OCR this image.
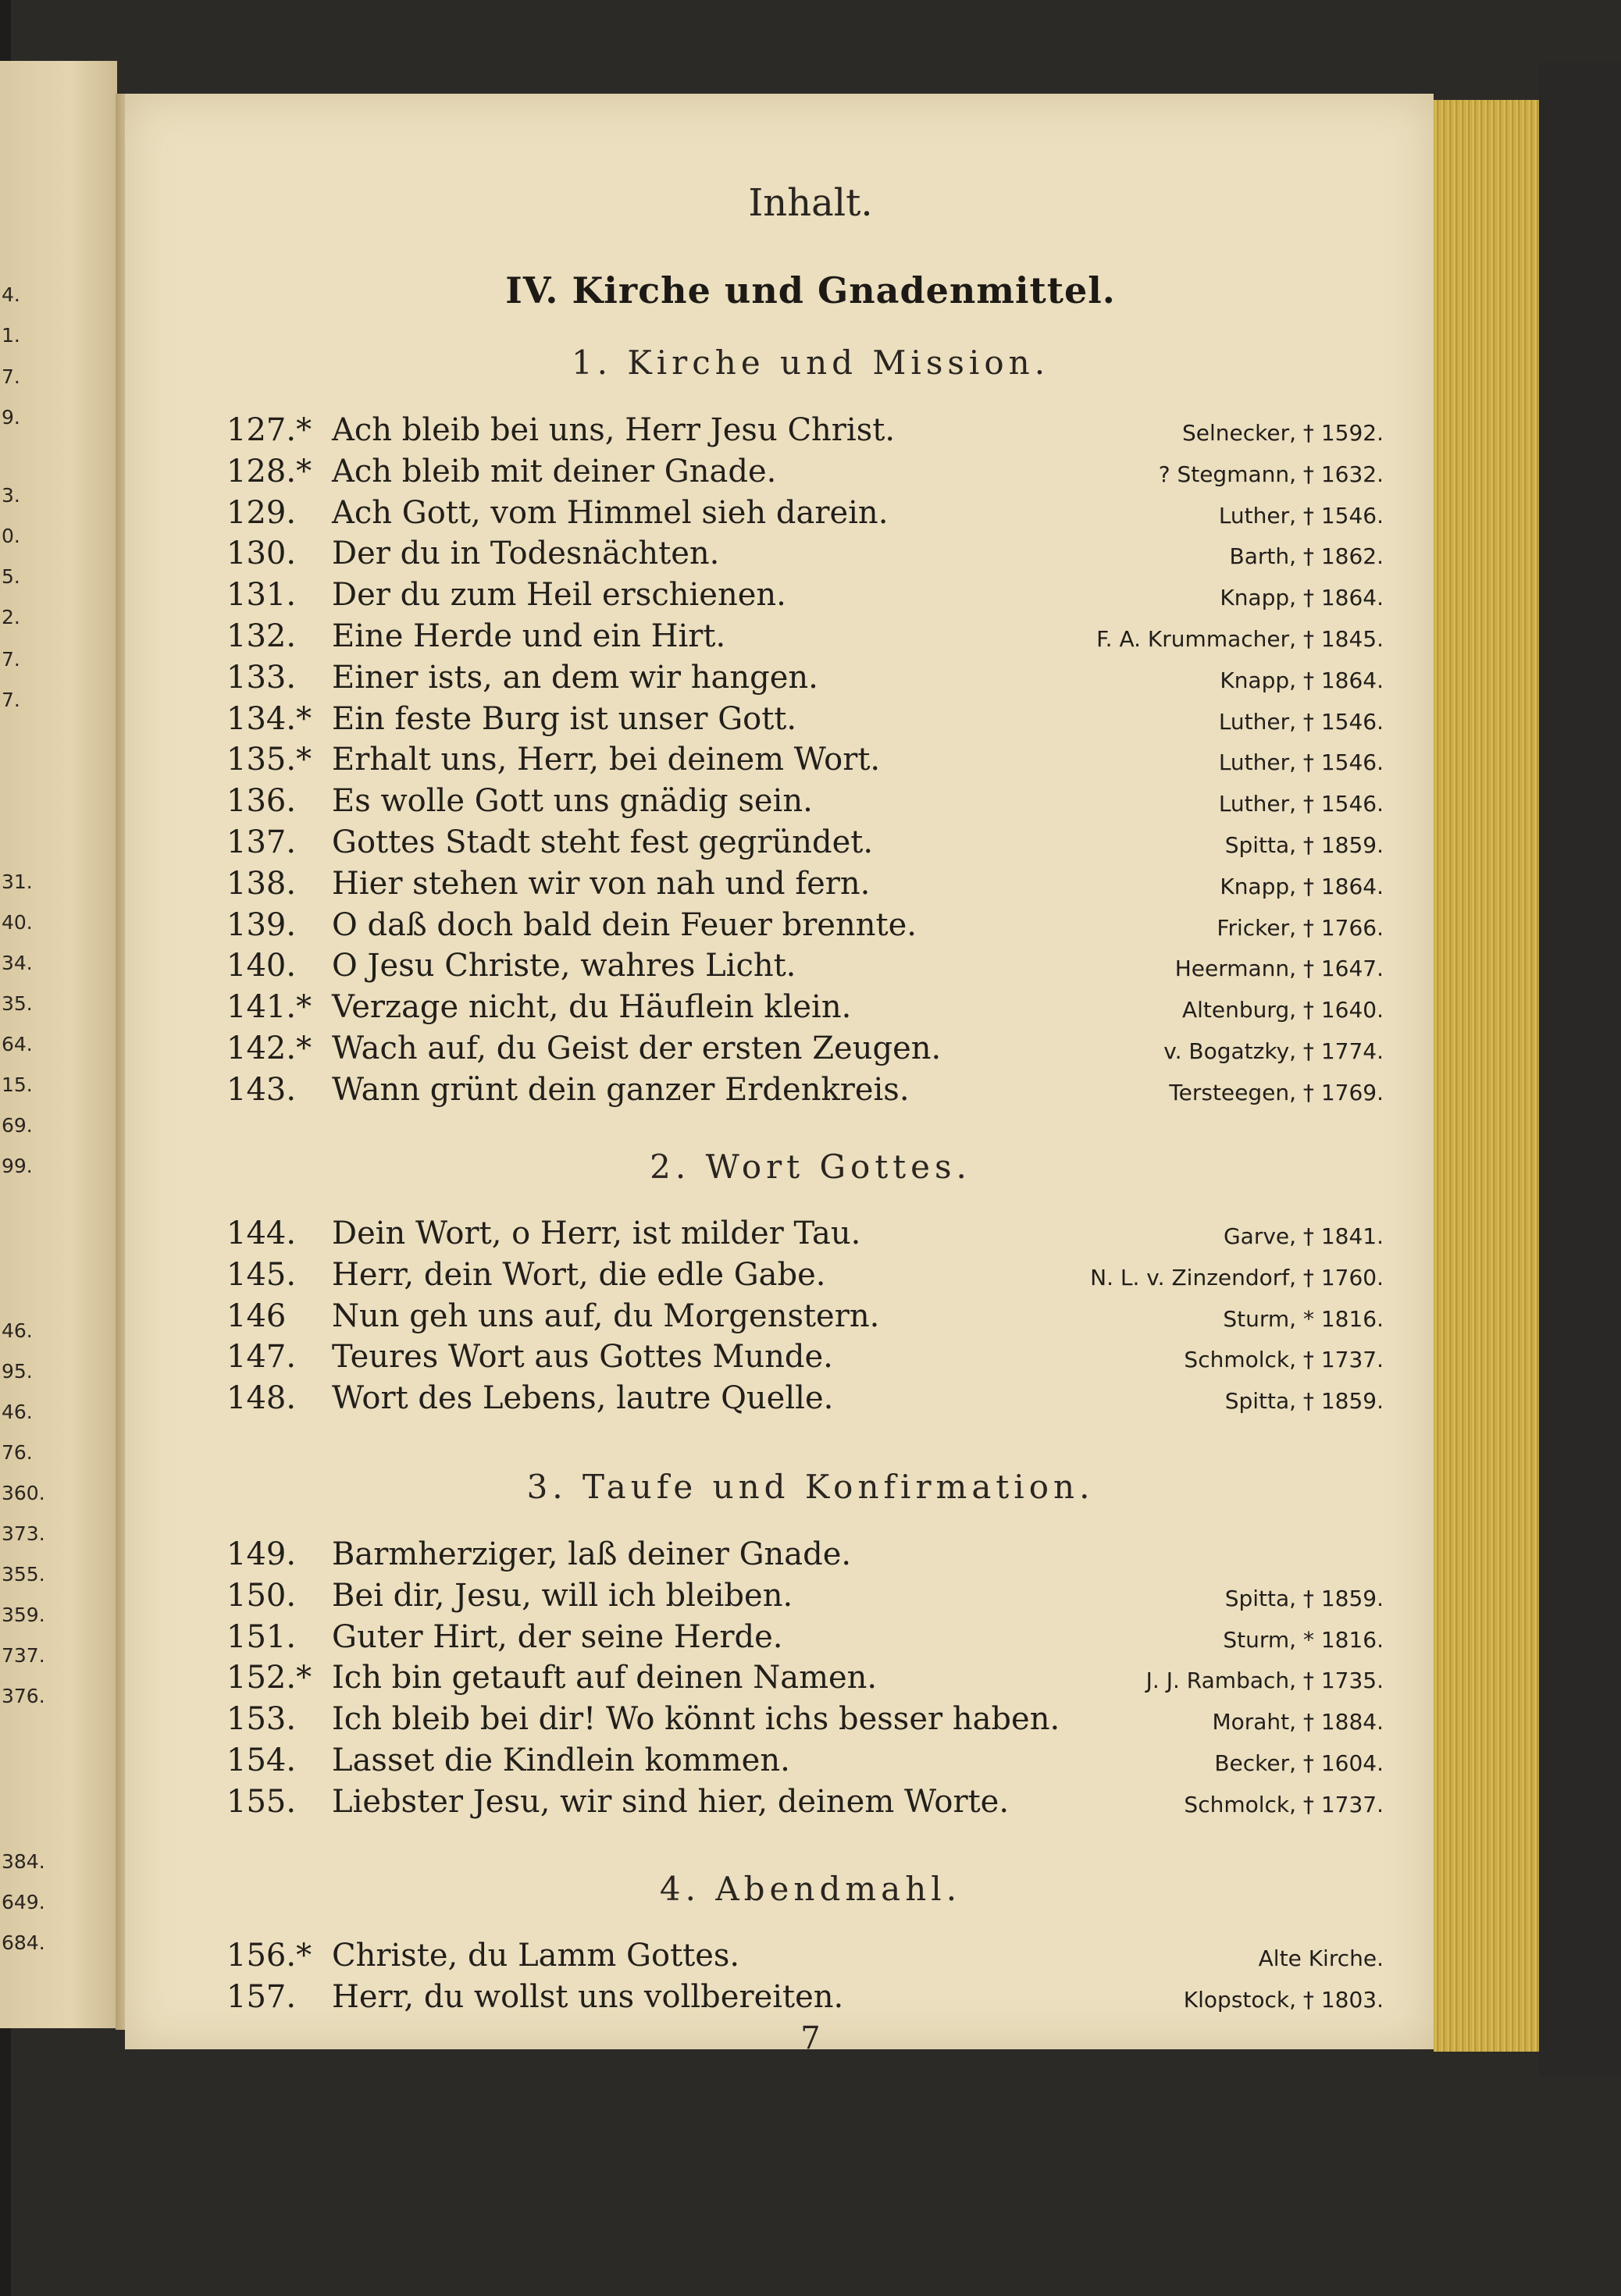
4.
1.
7.
9.
3.
0.
5.
2.
7.
7.
31.
40.
34.
35.
64.
15.
69.
99.
46.
95.
46.
76.
360.
373.
355.
359.
737.
376.
384.
649.
684.
Inhalt.
IV. Kirche und Gnadenmittel.
1. Kirche und Mission.
127.* Ach bleib bei uns, Herr Jesu Christ.	Selnecker, † 1592.
128.* Ach bleib mit deiner Gnade.	? Stegmann, † 1632.
129. Ach Gott, vom Himmel sieh darein.	Luther, † 1546.
130. Der du in Todesnächten.	Barth, † 1862.
131. Der du zum Heil erschienen.	Knapp, † 1864.
132. Eine Herde und ein Hirt.	F. A. Krummacher, † 1845.
133. Einer ists, an dem wir hangen.	Knapp, † 1864.
134.* Ein feste Burg ist unser Gott.	Luther, † 1546.
135.* Erhalt uns, Herr, bei deinem Wort.	Luther, † 1546.
136. Es wolle Gott uns gnädig sein.	Luther, † 1546.
137. Gottes Stadt steht fest gegründet.	Spitta, † 1859.
138. Hier stehen wir von nah und fern.	Knapp, † 1864.
139. O daß doch bald dein Feuer brennte.	Fricker, † 1766.
140. O Jesu Christe, wahres Licht.	Heermann, † 1647.
141.* Verzage nicht, du Häuflein klein.	Altenburg, † 1640.
142.* Wach auf, du Geist der ersten Zeugen.	v. Bogatzky, † 1774.
143. Wann grünt dein ganzer Erdenkreis.	Tersteegen, † 1769.
2. Wort Gottes.
144. Dein Wort, o Herr, ist milder Tau.	Garve, † 1841.
145. Herr, dein Wort, die edle Gabe.	N. L. v. Zinzendorf, † 1760.
146 Nun geh uns auf, du Morgenstern.	Sturm, * 1816.
147. Teures Wort aus Gottes Munde.	Schmolck, † 1737.
148. Wort des Lebens, lautre Quelle.	Spitta, † 1859.
3. Taufe und Konfirmation.
149. Barmherziger, laß deiner Gnade.
150. Bei dir, Jesu, will ich bleiben.	Spitta, † 1859.
151. Guter Hirt, der seine Herde.	Sturm, * 1816.
152.* Ich bin getauft auf deinen Namen.	J. J. Rambach, † 1735.
153. Ich bleib bei dir! Wo könnt ichs besser haben.	Moraht, † 1884.
154. Lasset die Kindlein kommen.	Becker, † 1604.
155. Liebster Jesu, wir sind hier, deinem Worte.	Schmolck, † 1737.
4. Abendmahl.
156.* Christe, du Lamm Gottes.	Alte Kirche.
157. Herr, du wollst uns vollbereiten.	Klopstock, † 1803.
7
